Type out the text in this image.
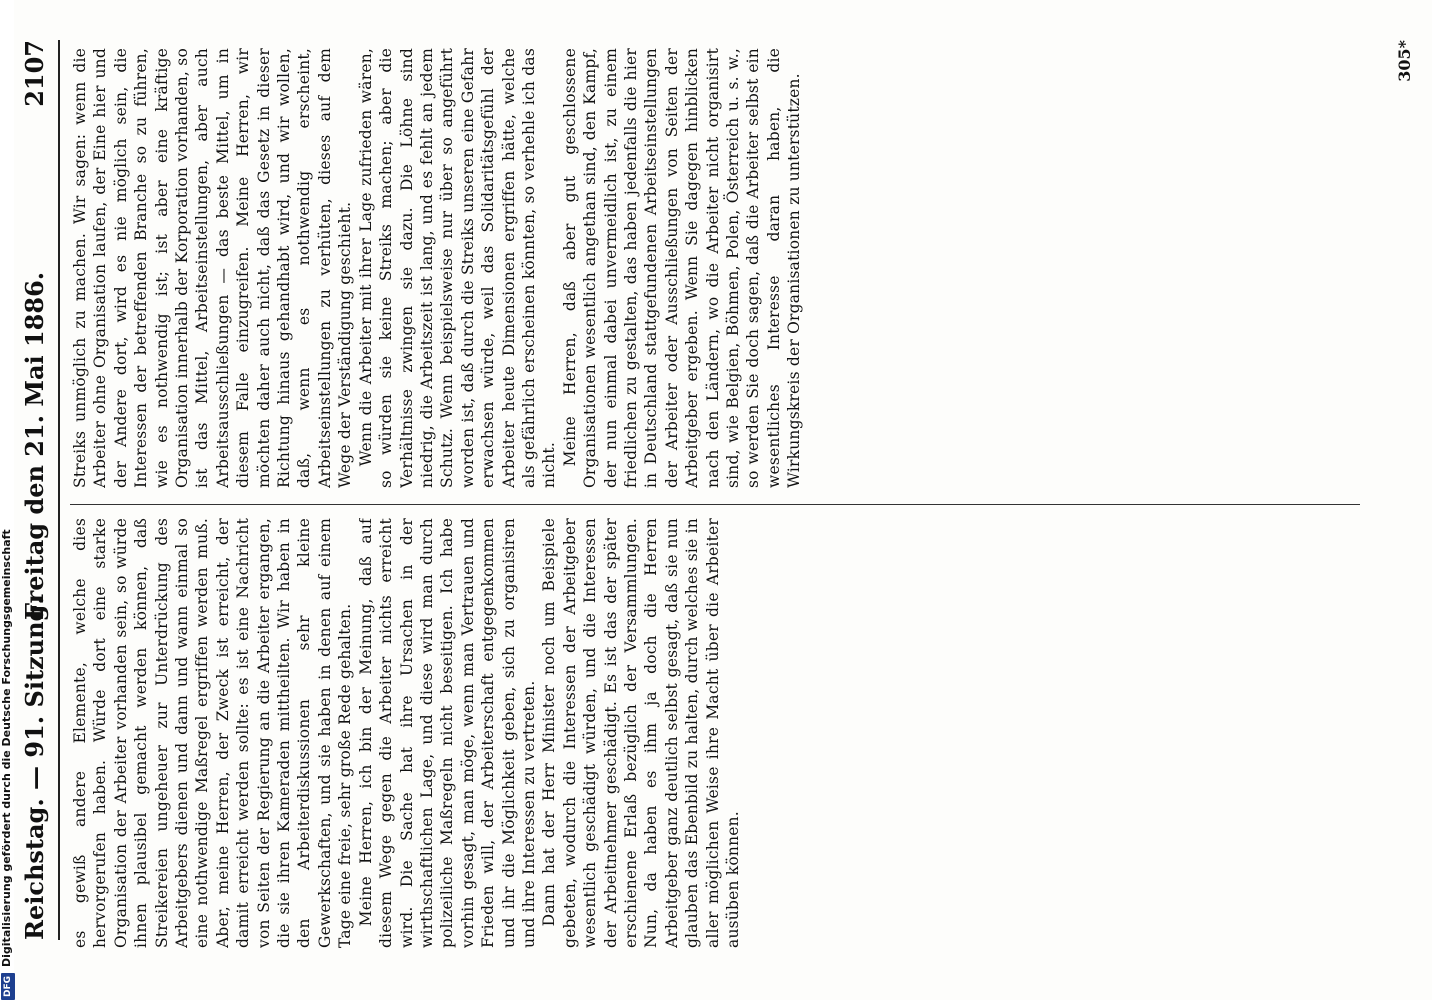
Reichstag. — 91. Sitzung.
Freitag den 21. Mai 1886.
2107

es gewiß andere Elemente, welche dies hervorgerufen haben. Würde dort eine starke Organisation der Arbeiter vorhanden sein, so würde ihnen plausibel gemacht werden können, daß Streikereien ungeheuer zur Unterdrückung des Arbeitgebers dienen und dann und wann einmal so eine nothwendige Maßregel ergriffen werden muß. Aber, meine Herren, der Zweck ist erreicht, der damit erreicht werden sollte: es ist eine Nachricht von Seiten der Regierung an die Arbeiter ergangen, die sie ihren Kameraden mittheilten. Wir haben in den Arbeiterdiskussionen sehr kleine Gewerkschaften, und sie haben in denen auf einem Tage eine freie, sehr große Rede gehalten. Meine Herren, ich bin der Meinung, daß auf diesem Wege gegen die Arbeiter nichts erreicht wird. Die Sache hat ihre Ursachen in der wirthschaftlichen Lage, und diese wird man durch polizeiliche Maßregeln nicht beseitigen. Ich habe vorhin gesagt, man möge, wenn man Vertrauen und Frieden will, der Arbeiterschaft entgegenkommen und ihr die Möglichkeit geben, sich zu organisiren und ihre Interessen zu vertreten. Dann hat der Herr Minister noch um Beispiele gebeten, wodurch die Interessen der Arbeitgeber wesentlich geschädigt würden, und die Interessen der Arbeitnehmer geschädigt. Es ist das der später erschienene Erlaß bezüglich der Versammlungen. Nun, da haben es ihm ja doch die Herren Arbeitgeber ganz deutlich selbst gesagt, daß sie nun glauben das Ebenbild zu halten, durch welches sie in aller möglichen Weise ihre Macht über die Arbeiter ausüben können.

Streiks unmöglich zu machen. Wir sagen: wenn die Arbeiter ohne Organisation laufen, der Eine hier und der Andere dort, wird es nie möglich sein, die Interessen der betreffenden Branche so zu führen, wie es nothwendig ist; ist aber eine kräftige Organisation innerhalb der Korporation vorhanden, so ist das Mittel, Arbeitseinstellungen, aber auch Arbeitsausschließungen — das beste Mittel, um in diesem Falle einzugreifen. Meine Herren, wir möchten daher auch nicht, daß das Gesetz in dieser Richtung hinaus gehandhabt wird, und wir wollen, daß, wenn es nothwendig erscheint, Arbeitseinstellungen zu verhüten, dieses auf dem Wege der Verständigung geschieht. Wenn die Arbeiter mit ihrer Lage zufrieden wären, so würden sie keine Streiks machen; aber die Verhältnisse zwingen sie dazu. Die Löhne sind niedrig, die Arbeitszeit ist lang, und es fehlt an jedem Schutz. Wenn beispielsweise nur über so angeführt worden ist, daß durch die Streiks unseren eine Gefahr erwachsen würde, weil das Solidaritätsgefühl der Arbeiter heute Dimensionen ergriffen hätte, welche als gefährlich erscheinen könnten, so verhehle ich das nicht. Meine Herren, daß aber gut geschlossene Organisationen wesentlich angethan sind, den Kampf, der nun einmal dabei unvermeidlich ist, zu einem friedlichen zu gestalten, das haben jedenfalls die hier in Deutschland stattgefundenen Arbeitseinstellungen der Arbeiter oder Ausschließungen von Seiten der Arbeitgeber ergeben. Wenn Sie dagegen hinblicken nach den Ländern, wo die Arbeiter nicht organisirt sind, wie Belgien, Böhmen, Polen, Österreich u. s. w., so werden Sie doch sagen, daß die Arbeiter selbst ein wesentliches Interesse daran haben, die Wirkungskreis der Organisationen zu unterstützen.

305*
DFGDigitalisierung gefördert durch die Deutsche Forschungsgemeinschaft
